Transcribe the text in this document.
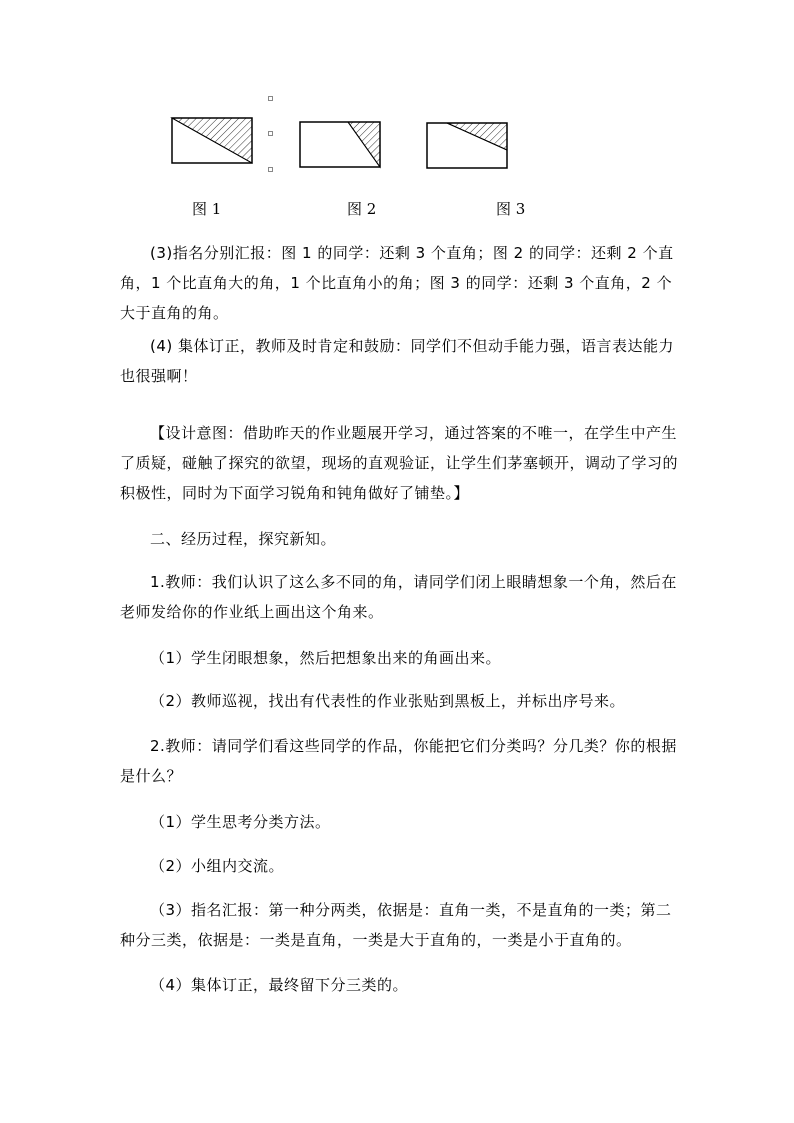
图 1	图 2	图 3
(3)指名分别汇报：图 1 的同学：还剩 3 个直角；图 2 的同学：还剩 2 个直角，1 个比直角大的角，1 个比直角小的角；图 3 的同学：还剩 3 个直角，2 个大于直角的角。
(4) 集体订正，教师及时肯定和鼓励：同学们不但动手能力强，语言表达能力也很强啊！
【设计意图：借助昨天的作业题展开学习，通过答案的不唯一，在学生中产生了质疑，碰触了探究的欲望，现场的直观验证，让学生们茅塞顿开，调动了学习的积极性，同时为下面学习锐角和钝角做好了铺垫。】
二、经历过程，探究新知。
1.教师：我们认识了这么多不同的角，请同学们闭上眼睛想象一个角，然后在老师发给你的作业纸上画出这个角来。
（1）学生闭眼想象，然后把想象出来的角画出来。
（2）教师巡视，找出有代表性的作业张贴到黑板上，并标出序号来。
2.教师：请同学们看这些同学的作品，你能把它们分类吗？分几类？你的根据是什么？
（1）学生思考分类方法。
（2）小组内交流。
（3）指名汇报：第一种分两类，依据是：直角一类，不是直角的一类；第二种分三类，依据是：一类是直角，一类是大于直角的，一类是小于直角的。
（4）集体订正，最终留下分三类的。
